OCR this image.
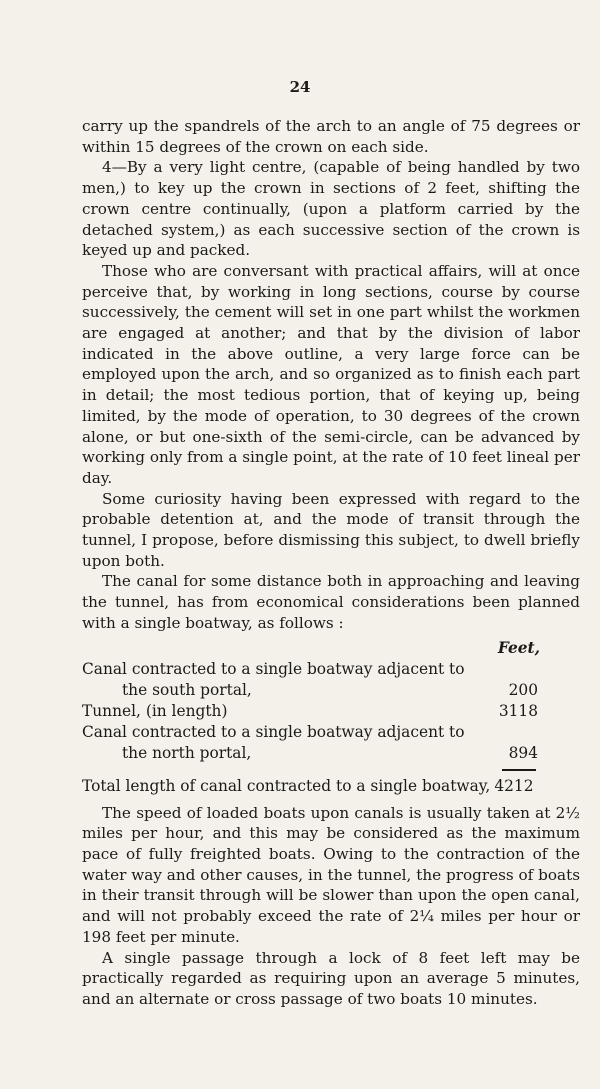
24

carry up the spandrels of the arch to an angle of 75 degrees or within 15 degrees of the crown on each side.

4—By a very light centre, (capable of being handled by two men,) to key up the crown in sections of 2 feet, shifting the crown centre continually, (upon a platform carried by the detached system,) as each successive section of the crown is keyed up and packed.

Those who are conversant with practical affairs, will at once perceive that, by working in long sections, course by course successively, the cement will set in one part whilst the workmen are engaged at another; and that by the division of labor indicated in the above outline, a very large force can be employed upon the arch, and so organized as to finish each part in detail; the most tedious portion, that of keying up, being limited, by the mode of operation, to 30 degrees of the crown alone, or but one-sixth of the semi-circle, can be advanced by working only from a single point, at the rate of 10 feet lineal per day.

Some curiosity having been expressed with regard to the probable detention at, and the mode of transit through the tunnel, I propose, before dismissing this subject, to dwell briefly upon both.

The canal for some distance both in approaching and leaving the tunnel, has from economical considerations been planned with a single boatway, as follows :

Feet,
Canal contracted to a single boatway adjacent to
the south portal,	200
Tunnel, (in length)	3118
Canal contracted to a single boatway adjacent to
the north portal,	894
Total length of canal contracted to a single boatway, 4212

The speed of loaded boats upon canals is usually taken at 2½ miles per hour, and this may be considered as the maximum pace of fully freighted boats. Owing to the contraction of the water way and other causes, in the tunnel, the progress of boats in their transit through will be slower than upon the open canal, and will not probably exceed the rate of 2¼ miles per hour or 198 feet per minute.

A single passage through a lock of 8 feet left may be practically regarded as requiring upon an average 5 minutes, and an alternate or cross passage of two boats 10 minutes.
